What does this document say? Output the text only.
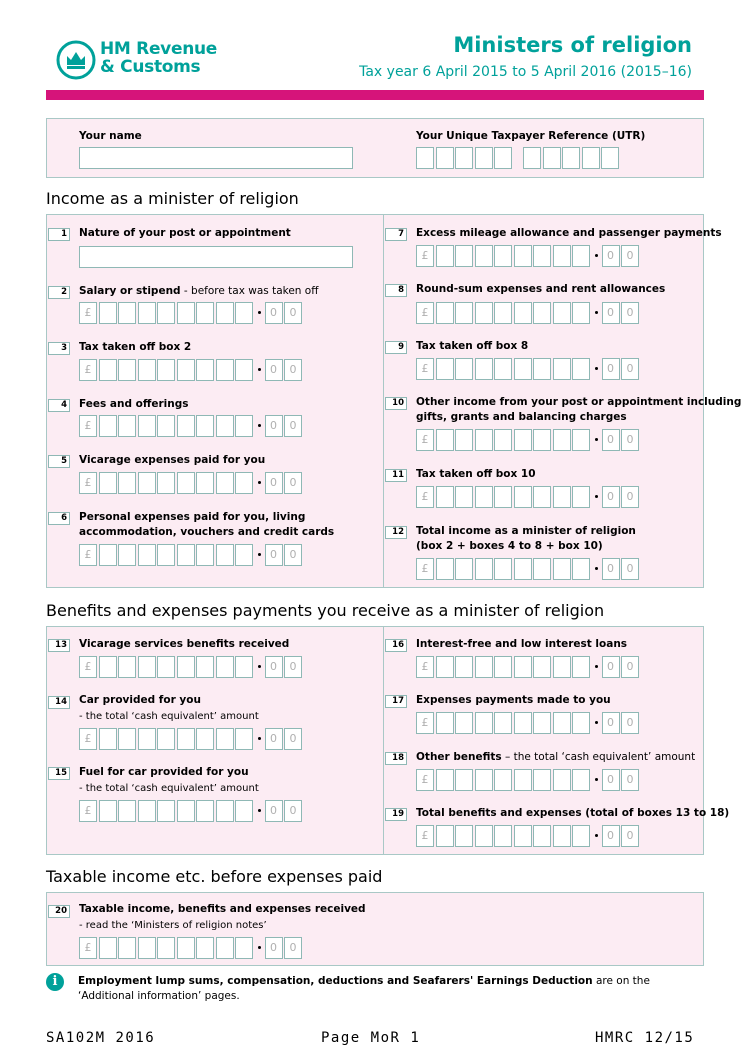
HM Revenue
& Customs
Ministers of religion
Tax year 6 April 2015 to 5 April 2016 (2015–16)
Your name	Your Unique Taxpayer Reference (UTR)
Income as a minister of religion
1 Nature of your post or appointment
2 Salary or stipend - before tax was taken off
£	0	0
3 Tax taken off box 2
£	0	0
4 Fees and offerings
£	0	0
5 Vicarage expenses paid for you
£	0	0
6 Personal expenses paid for you, living
accommodation, vouchers and credit cards
£	0	0
7 Excess mileage allowance and passenger payments
£	0	0
8 Round-sum expenses and rent allowances
£	0	0
9 Tax taken off box 8
£	0	0
10 Other income from your post or appointment including
gifts, grants and balancing charges
£	0	0
11 Tax taken off box 10
£	0	0
12 Total income as a minister of religion
(box 2 + boxes 4 to 8 + box 10)
£	0	0
Benefits and expenses payments you receive as a minister of religion
13 Vicarage services benefits received
£	0	0
14 Car provided for you
- the total ‘cash equivalent’ amount
£	0	0
15 Fuel for car provided for you
- the total ‘cash equivalent’ amount
£	0	0
16 Interest-free and low interest loans
£	0	0
17 Expenses payments made to you
£	0	0
18 Other benefits – the total ‘cash equivalent’ amount
£	0	0
19 Total benefits and expenses (total of boxes 13 to 18)
£	0	0
Taxable income etc. before expenses paid
20 Taxable income, benefits and expenses received
- read the ‘Ministers of religion notes’
£	0	0
i	Employment lump sums, compensation, deductions and Seafarers' Earnings Deduction are on the
‘Additional information’ pages.
SA102M 2016	Page MoR 1	HMRC 12/15
